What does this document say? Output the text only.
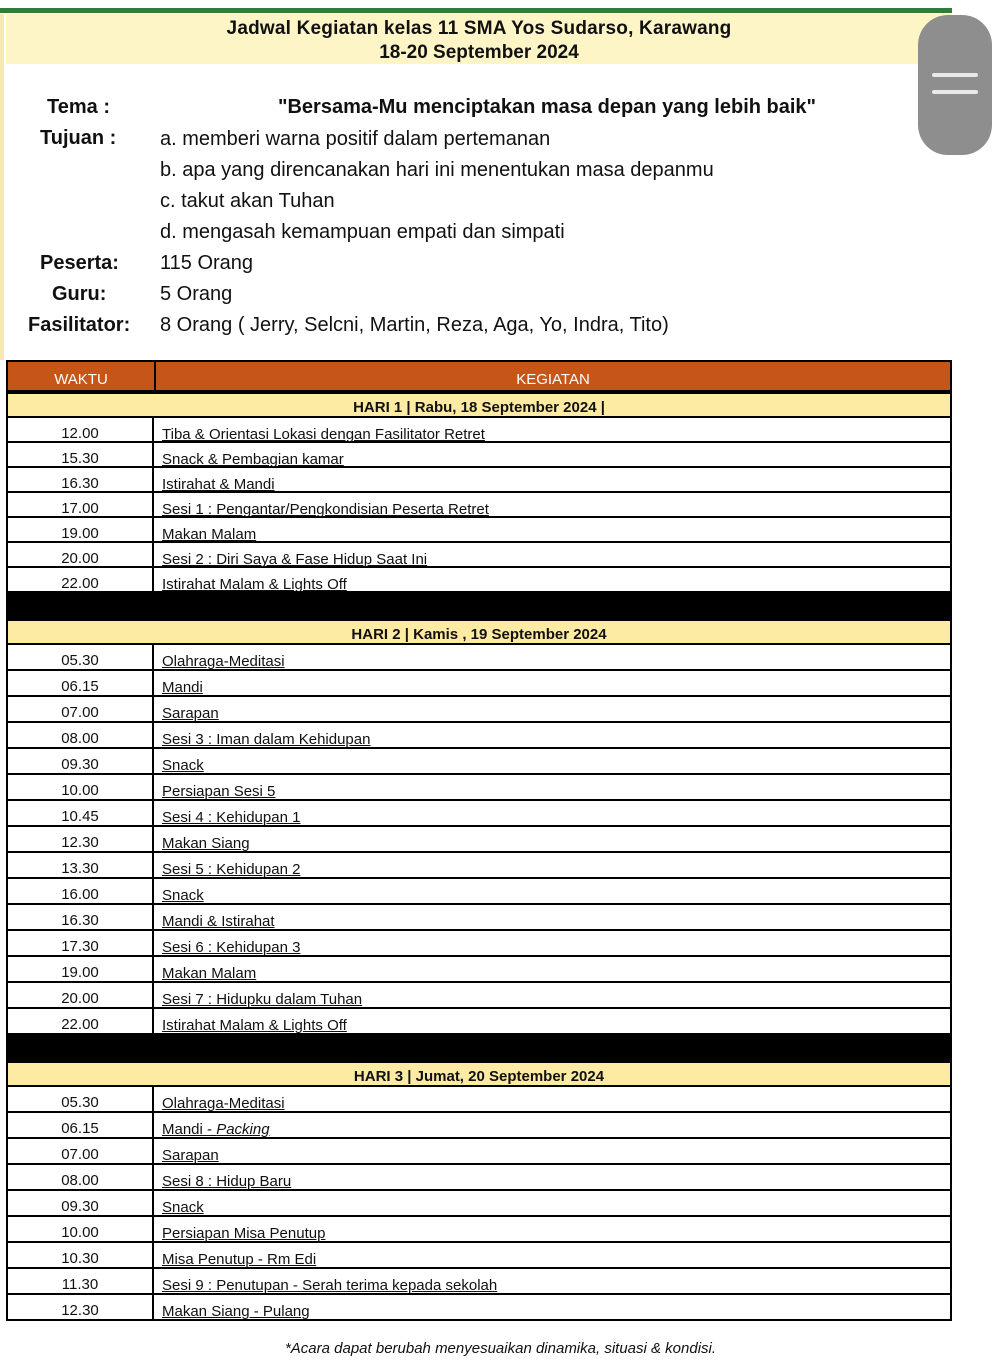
Jadwal Kegiatan kelas 11 SMA Yos Sudarso, Karawang
18-20 September 2024
Tema :	"Bersama-Mu menciptakan masa depan yang lebih baik"
Tujuan : a. memberi warna positif dalam pertemanan
b. apa yang direncanakan hari ini menentukan masa depanmu
c. takut akan Tuhan
d. mengasah kemampuan empati dan simpati
Peserta: 115 Orang
Guru:	5 Orang
Fasilitator: 8 Orang ( Jerry, Selcni, Martin, Reza, Aga, Yo, Indra, Tito)
WAKTU	KEGIATAN
HARI 1 | Rabu, 18 September 2024 |
12.00	Tiba & Orientasi Lokasi dengan Fasilitator Retret
15.30	Snack & Pembagian kamar
16.30	Istirahat & Mandi
17.00	Sesi 1 : Pengantar/Pengkondisian Peserta Retret
19.00	Makan Malam
20.00	Sesi 2 : Diri Saya & Fase Hidup Saat Ini
22.00	Istirahat Malam & Lights Off
HARI 2 | Kamis , 19 September 2024
05.30	Olahraga-Meditasi
06.15	Mandi
07.00	Sarapan
08.00	Sesi 3 : Iman dalam Kehidupan
09.30	Snack
10.00	Persiapan Sesi 5
10.45	Sesi 4 : Kehidupan 1
12.30	Makan Siang
13.30	Sesi 5 : Kehidupan 2
16.00	Snack
16.30	Mandi & Istirahat
17.30	Sesi 6 : Kehidupan 3
19.00	Makan Malam
20.00	Sesi 7 : Hidupku dalam Tuhan
22.00	Istirahat Malam & Lights Off
HARI 3 | Jumat, 20 September 2024
05.30	Olahraga-Meditasi
06.15	Mandi - Packing
07.00	Sarapan
08.00	Sesi 8 : Hidup Baru
09.30	Snack
10.00	Persiapan Misa Penutup
10.30	Misa Penutup - Rm Edi
11.30	Sesi 9 : Penutupan - Serah terima kepada sekolah
12.30	Makan Siang - Pulang
*Acara dapat berubah menyesuaikan dinamika, situasi & kondisi.
